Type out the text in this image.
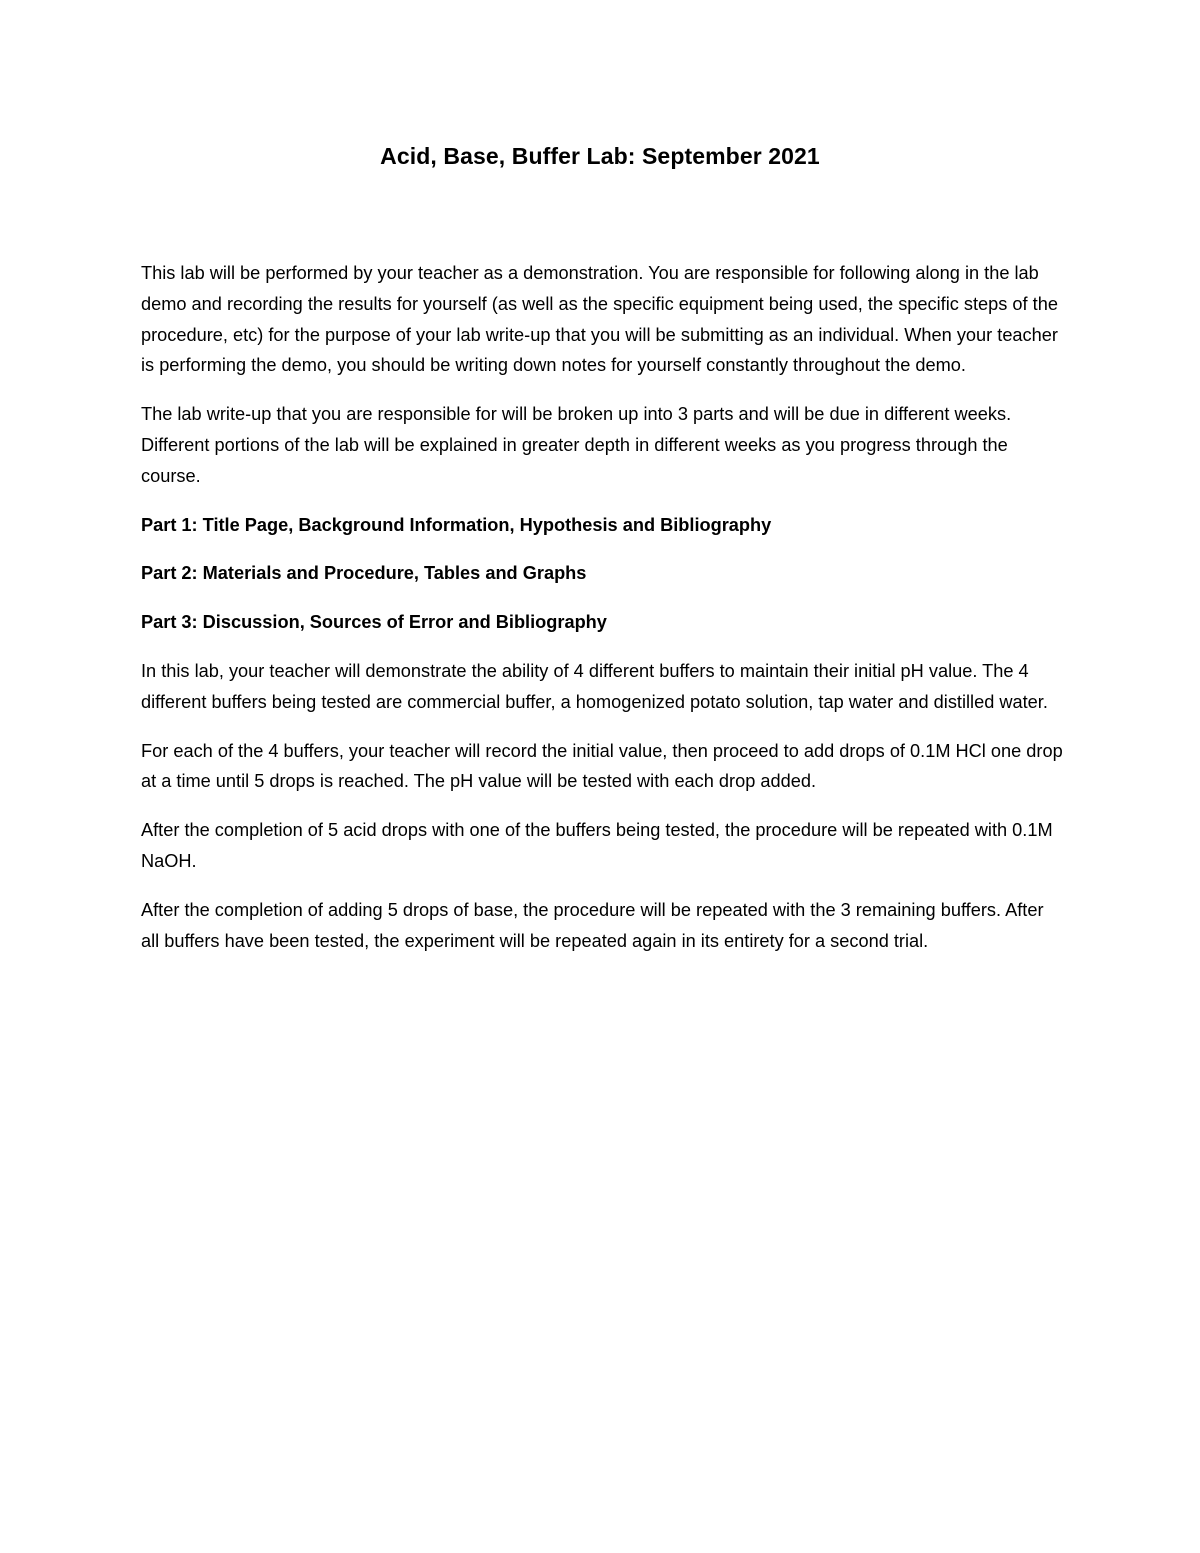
Acid, Base, Buffer Lab: September 2021

This lab will be performed by your teacher as a demonstration. You are responsible for following along in the lab demo and recording the results for yourself (as well as the specific equipment being used, the specific steps of the procedure, etc) for the purpose of your lab write-up that you will be submitting as an individual. When your teacher is performing the demo, you should be writing down notes for yourself constantly throughout the demo.

The lab write-up that you are responsible for will be broken up into 3 parts and will be due in different weeks. Different portions of the lab will be explained in greater depth in different weeks as you progress through the course.

Part 1: Title Page, Background Information, Hypothesis and Bibliography

Part 2: Materials and Procedure, Tables and Graphs

Part 3: Discussion, Sources of Error and Bibliography

In this lab, your teacher will demonstrate the ability of 4 different buffers to maintain their initial pH value. The 4 different buffers being tested are commercial buffer, a homogenized potato solution, tap water and distilled water.

For each of the 4 buffers, your teacher will record the initial value, then proceed to add drops of 0.1M HCl one drop at a time until 5 drops is reached. The pH value will be tested with each drop added.

After the completion of 5 acid drops with one of the buffers being tested, the procedure will be repeated with 0.1M NaOH.

After the completion of adding 5 drops of base, the procedure will be repeated with the 3 remaining buffers. After all buffers have been tested, the experiment will be repeated again in its entirety for a second trial.
